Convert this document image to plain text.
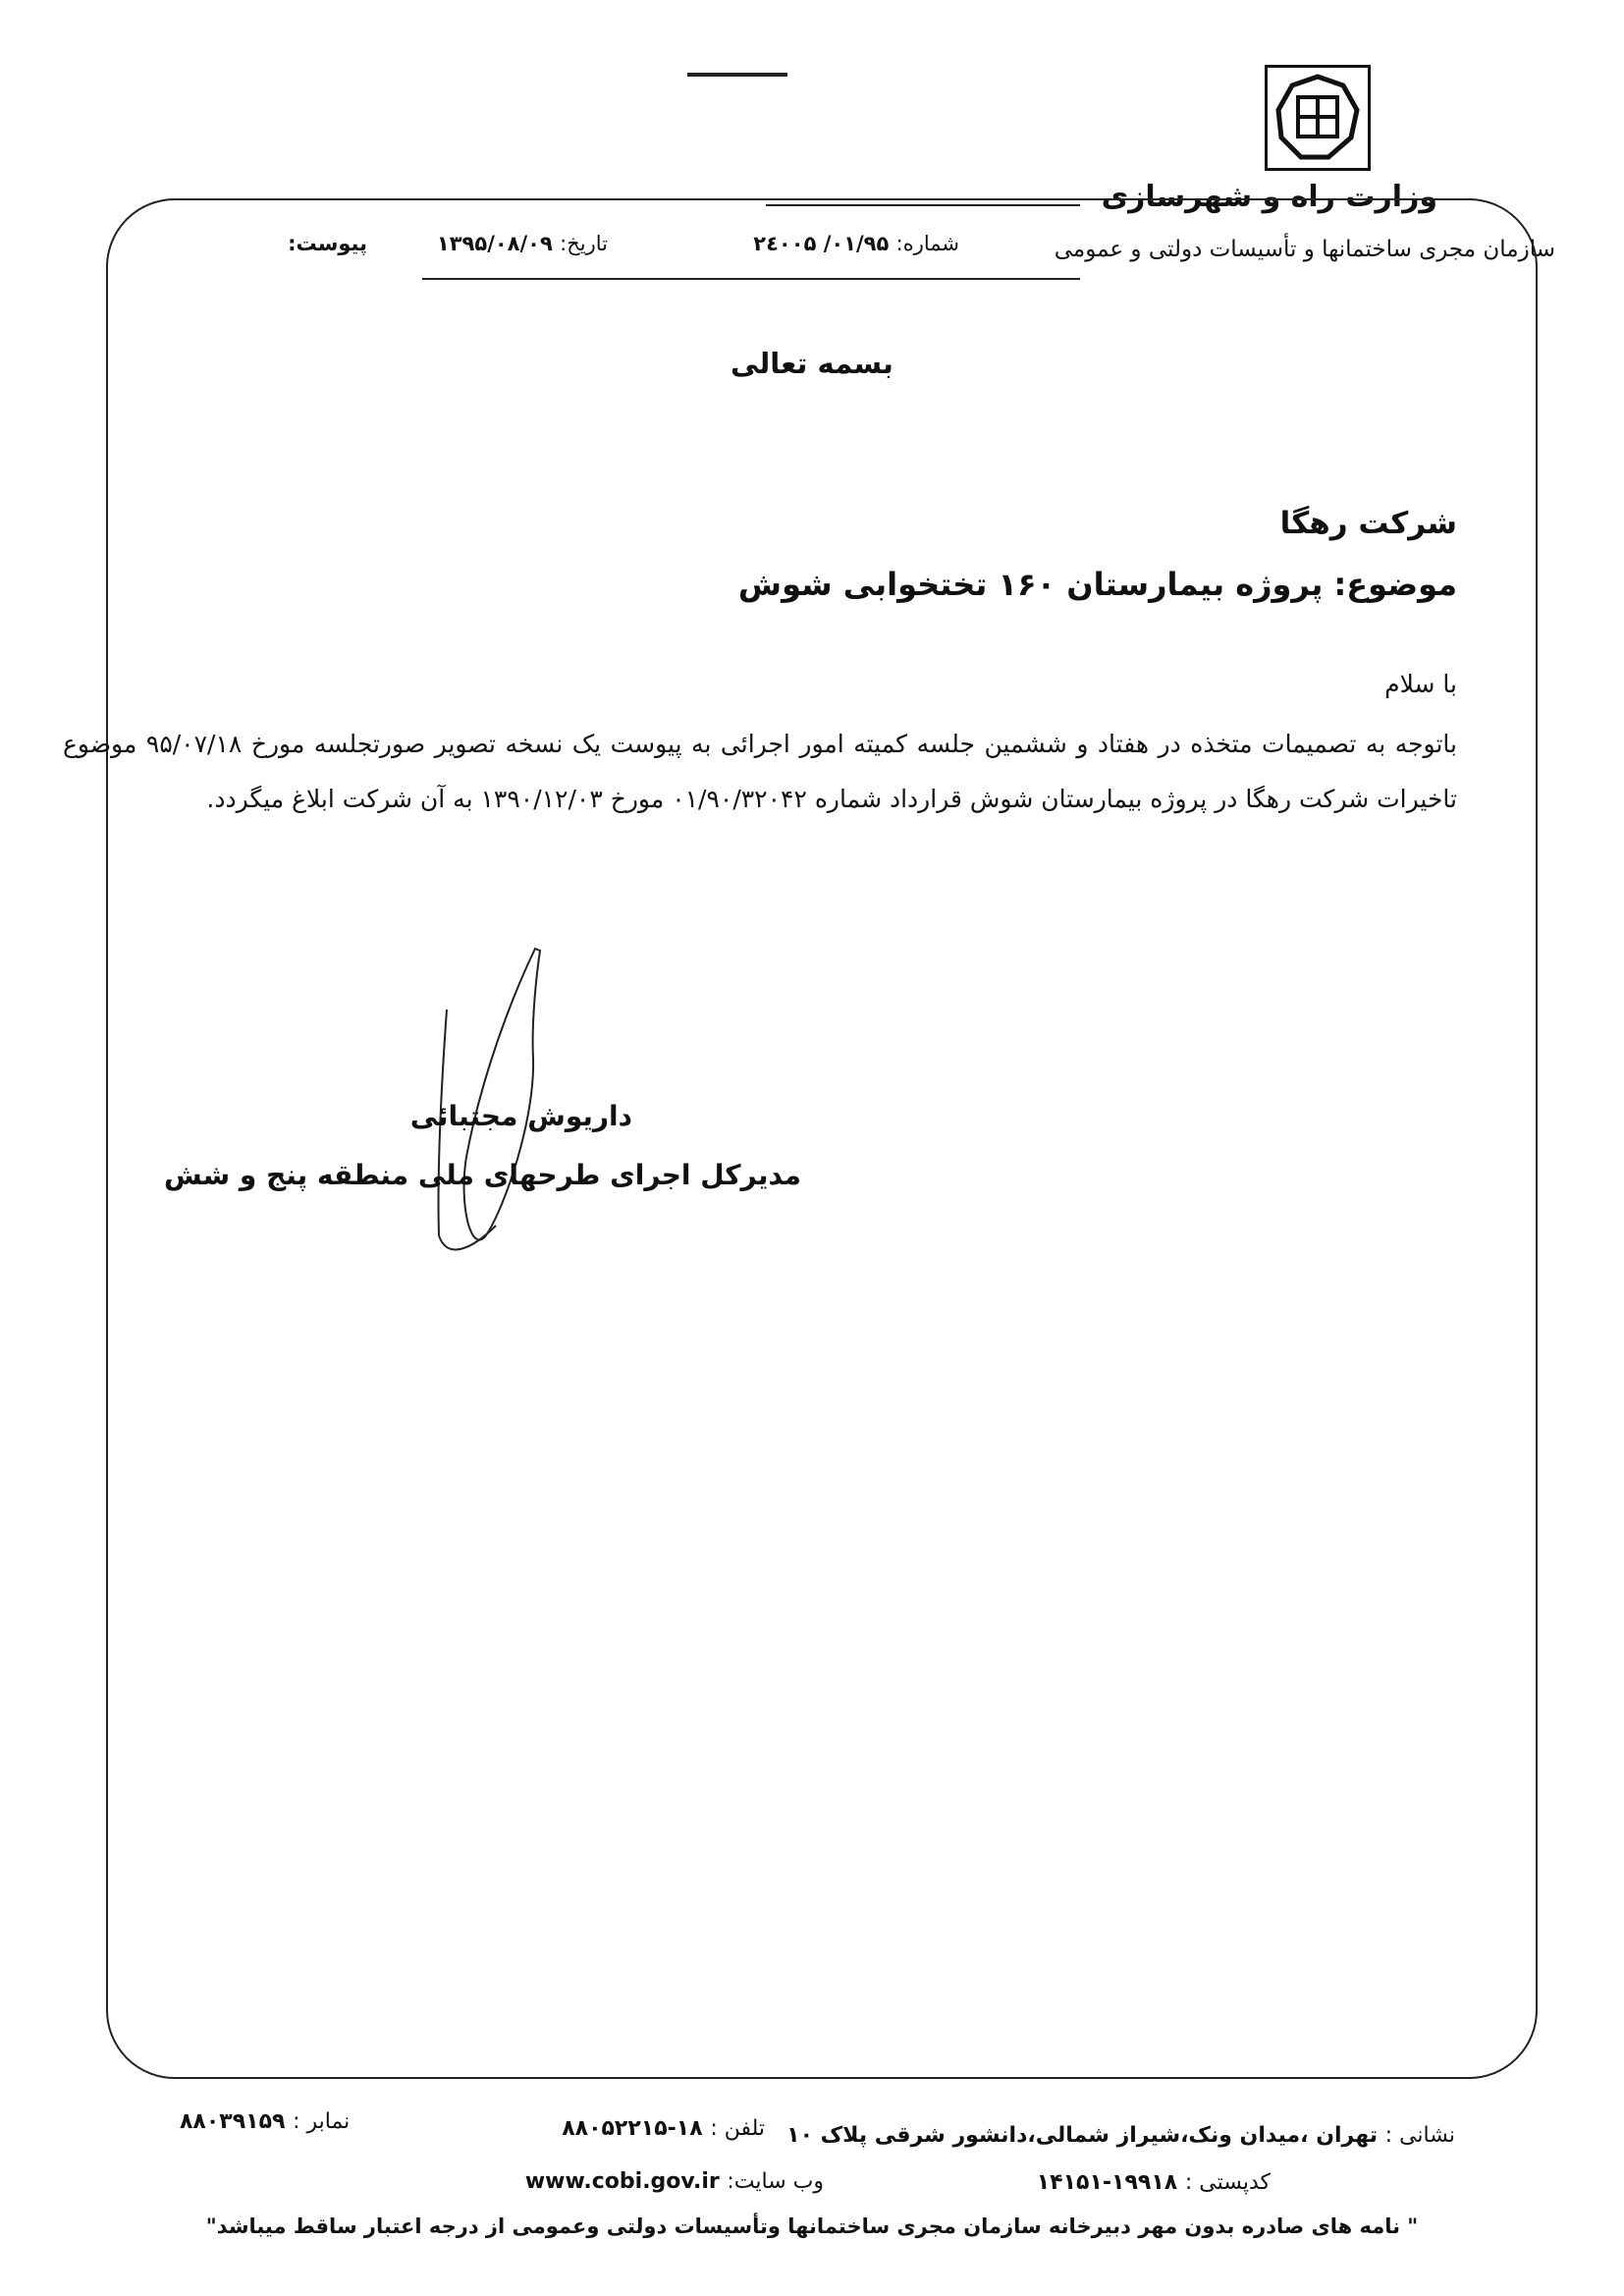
وزارت راه و شهرسازی
سازمان مجری ساختمانها و تأسیسات دولتی و عمومی
شماره: ۰۱/۹۵/ ۲٤۰۰۵
تاریخ: ۱۳۹۵/۰۸/۰۹
پیوست:
بسمه تعالی
شرکت رهگا
موضوع: پروژه بیمارستان ۱۶۰ تختخوابی شوش
با سلام
باتوجه به تصمیمات متخذه در هفتاد و ششمین جلسه کمیته امور اجرائی به پیوست یک نسخه تصویر صورتجلسه مورخ ۹۵/۰۷/۱۸ موضوع تاخیرات شرکت رهگا در پروژه بیمارستان شوش قرارداد شماره ۰۱/۹۰/۳۲۰۴۲ مورخ ۱۳۹۰/۱۲/۰۳ به آن شرکت ابلاغ میگردد.
داریوش مجتبائی
مدیرکل اجرای طرحهای ملی منطقه پنج و شش
نشانی : تهران ،میدان ونک،شیراز شمالی،دانشور شرقی پلاک ۱۰
کدپستی : ۱۹۹۱۸-۱۴۱۵۱
تلفن : ۱۸-۸۸۰۵۲۲۱۵
وب سایت: www.cobi.gov.ir
نمابر : ۸۸۰۳۹۱۵۹
" نامه های صادره بدون مهر دبیرخانه سازمان مجری ساختمانها وتأسیسات دولتی وعمومی از درجه اعتبار ساقط میباشد"
